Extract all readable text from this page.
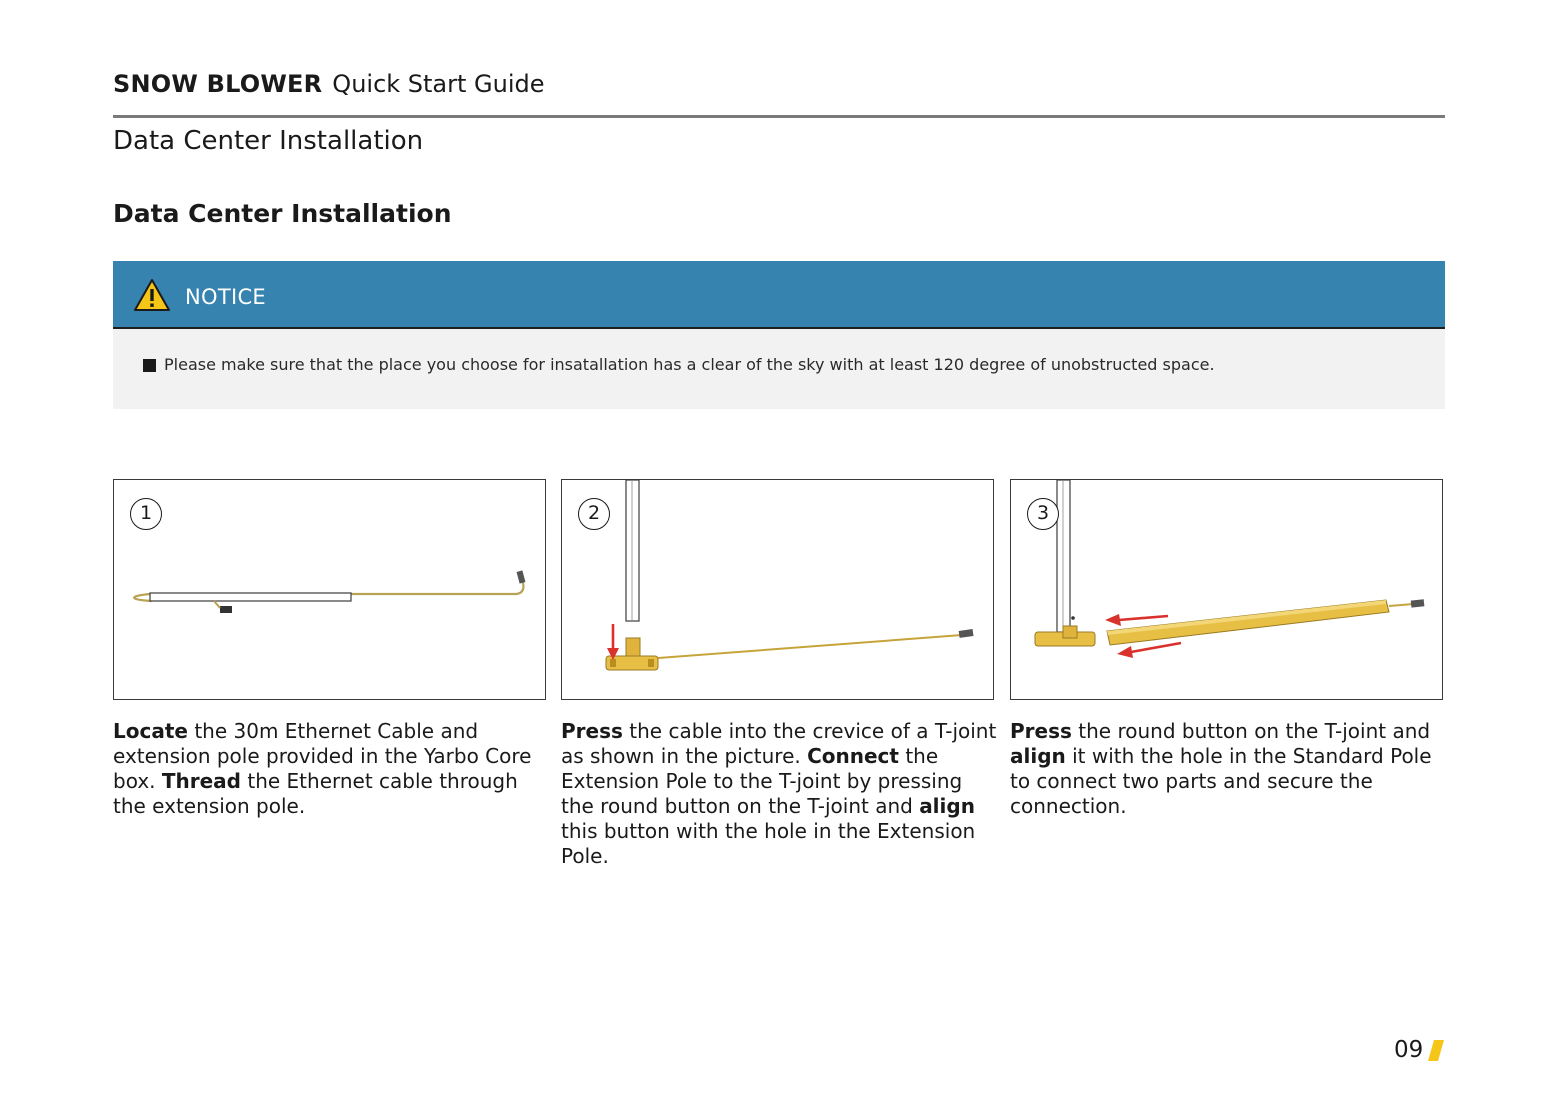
SNOW BLOWER Quick Start Guide
Data Center Installation
Data Center Installation
NOTICE
Please make sure that the place you choose for insatallation has a clear of the sky with at least 120 degree of unobstructed space.
1	2	3
Locate the 30m Ethernet Cable and extension pole provided in the Yarbo Core box. Thread the Ethernet cable through the extension pole.
Press the cable into the crevice of a T-joint as shown in the picture. Connect the Extension Pole to the T-joint by pressing the round button on the T-joint and align this button with the hole in the Extension Pole.
Press the round button on the T-joint and align it with the hole in the Standard Pole to connect two parts and secure the connection.
09
